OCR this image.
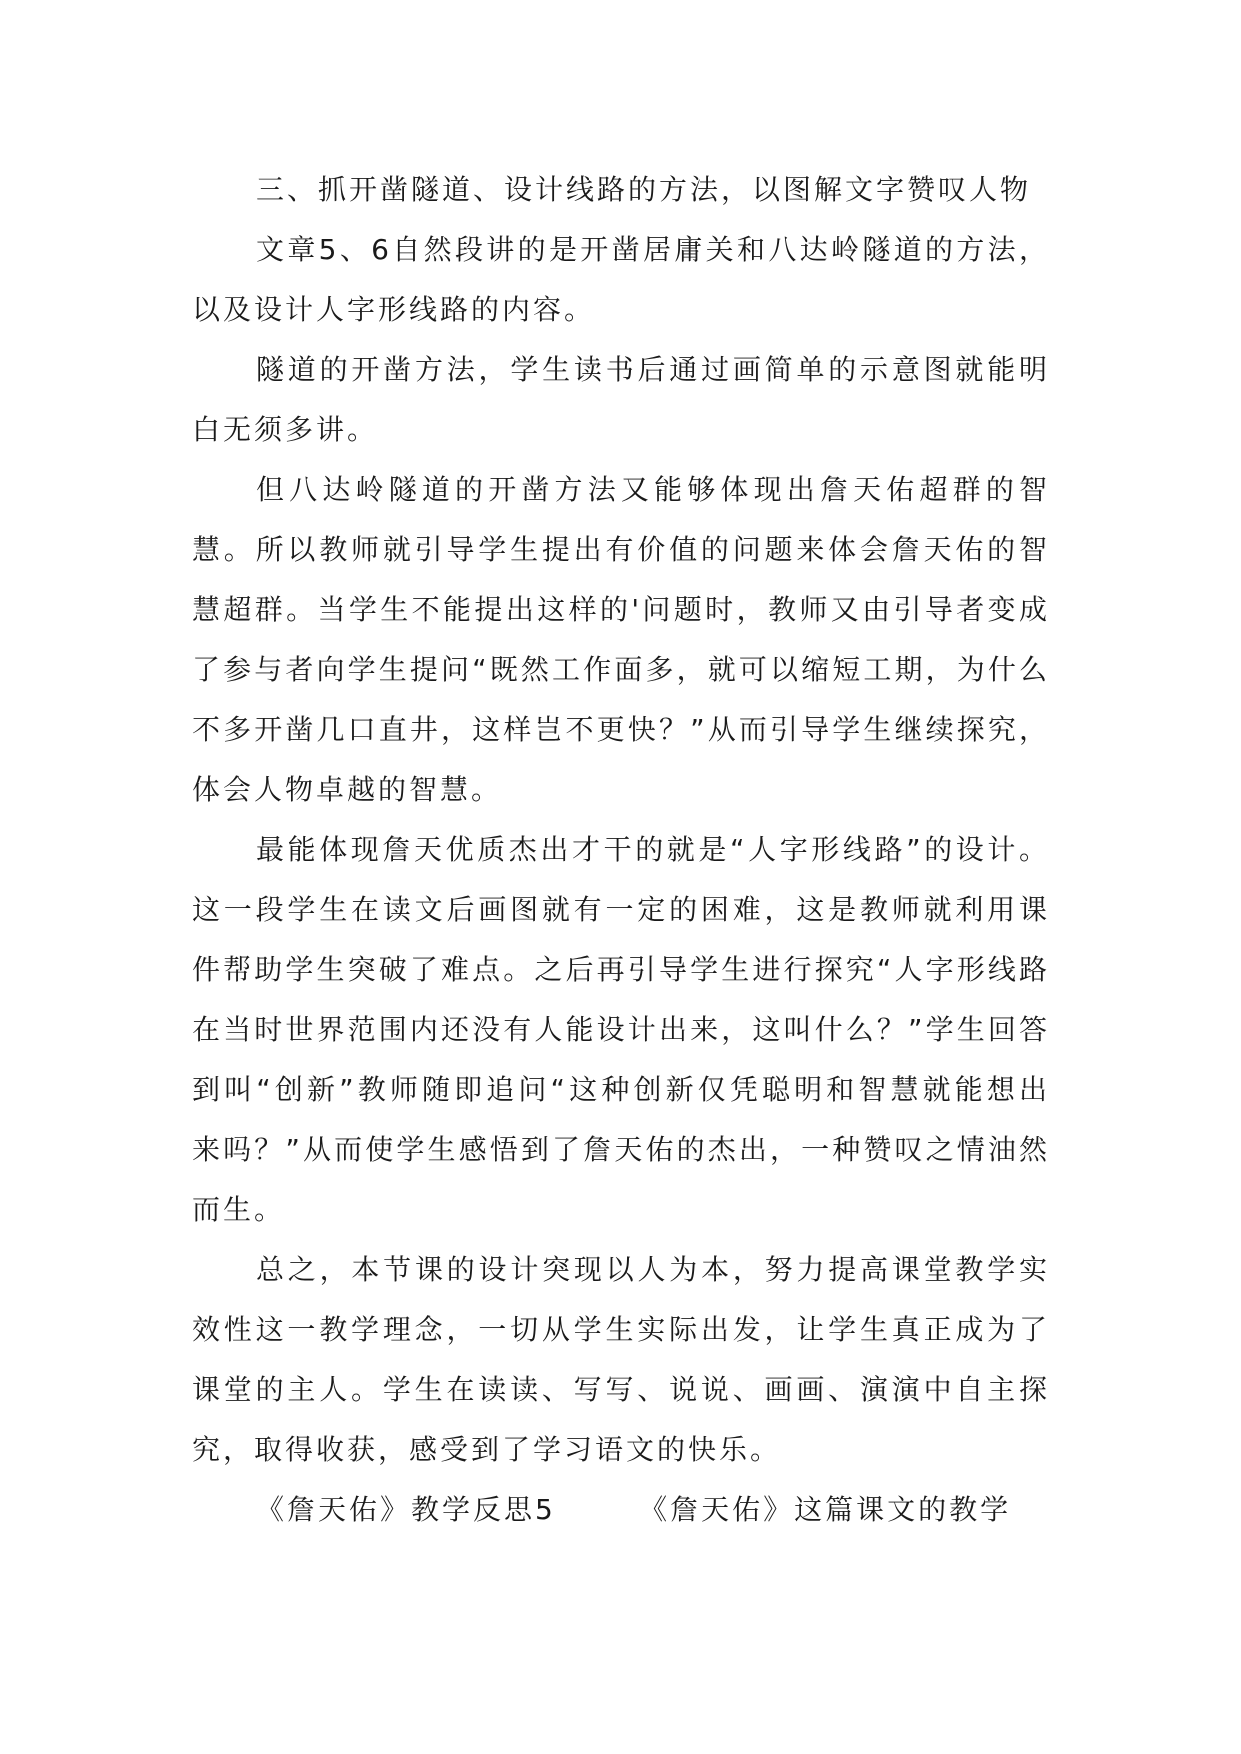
三、抓开凿隧道、设计线路的方法，以图解文字赞叹人物

文章5、6自然段讲的是开凿居庸关和八达岭隧道的方法，以及设计人字形线路的内容。

隧道的开凿方法，学生读书后通过画简单的示意图就能明白无须多讲。

但八达岭隧道的开凿方法又能够体现出詹天佑超群的智慧。所以教师就引导学生提出有价值的问题来体会詹天佑的智慧超群。当学生不能提出这样的'问题时，教师又由引导者变成了参与者向学生提问“既然工作面多，就可以缩短工期，为什么不多开凿几口直井，这样岂不更快？”从而引导学生继续探究，体会人物卓越的智慧。

最能体现詹天优质杰出才干的就是“人字形线路”的设计。这一段学生在读文后画图就有一定的困难，这是教师就利用课件帮助学生突破了难点。之后再引导学生进行探究“人字形线路在当时世界范围内还没有人能设计出来，这叫什么？”学生回答到叫“创新”教师随即追问“这种创新仅凭聪明和智慧就能想出来吗？”从而使学生感悟到了詹天佑的杰出，一种赞叹之情油然而生。

总之，本节课的设计突现以人为本，努力提高课堂教学实效性这一教学理念，一切从学生实际出发，让学生真正成为了课堂的主人。学生在读读、写写、说说、画画、演演中自主探究，取得收获，感受到了学习语文的快乐。

《詹天佑》教学反思5	《詹天佑》这篇课文的教学
